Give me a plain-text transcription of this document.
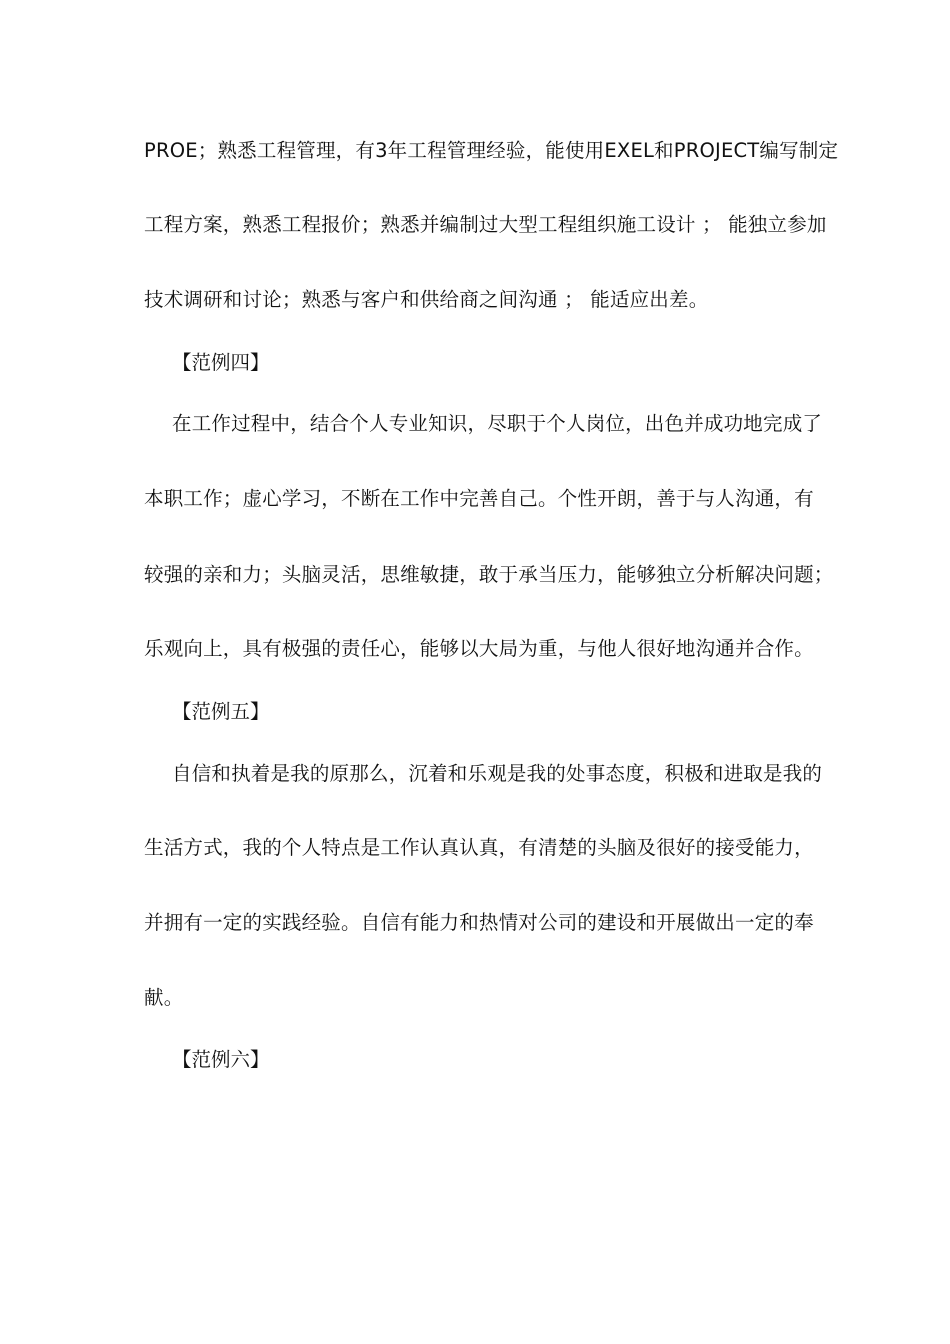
PROE；熟悉工程管理，有3年工程管理经验，能使用EXEL和PROJECT编写制定
工程方案，熟悉工程报价；熟悉并编制过大型工程组织施工设计 ； 能独立参加
技术调研和讨论；熟悉与客户和供给商之间沟通 ； 能适应出差。
【范例四】
在工作过程中，结合个人专业知识，尽职于个人岗位，出色并成功地完成了
本职工作；虚心学习，不断在工作中完善自己。个性开朗，善于与人沟通，有
较强的亲和力；头脑灵活，思维敏捷，敢于承当压力，能够独立分析解决问题；
乐观向上，具有极强的责任心，能够以大局为重，与他人很好地沟通并合作。
【范例五】
自信和执着是我的原那么，沉着和乐观是我的处事态度，积极和进取是我的
生活方式，我的个人特点是工作认真认真，有清楚的头脑及很好的接受能力，
并拥有一定的实践经验。自信有能力和热情对公司的建设和开展做出一定的奉
献。
【范例六】
